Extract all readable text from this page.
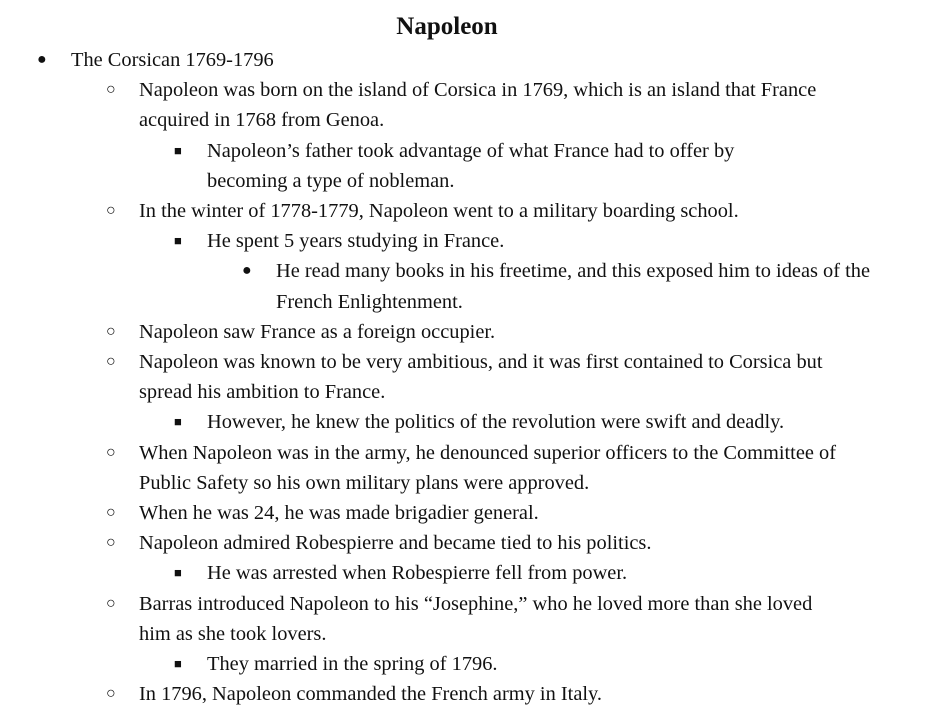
Napoleon
● The Corsican 1769-1796
○ Napoleon was born on the island of Corsica in 1769, which is an island that France acquired in 1768 from Genoa.
■ Napoleon’s father took advantage of what France had to offer by becoming a type of nobleman.
○ In the winter of 1778-1779, Napoleon went to a military boarding school.
■ He spent 5 years studying in France.
● He read many books in his freetime, and this exposed him to ideas of the French Enlightenment.
○ Napoleon saw France as a foreign occupier.
○ Napoleon was known to be very ambitious, and it was first contained to Corsica but spread his ambition to France.
■ However, he knew the politics of the revolution were swift and deadly.
○ When Napoleon was in the army, he denounced superior officers to the Committee of Public Safety so his own military plans were approved.
○ When he was 24, he was made brigadier general.
○ Napoleon admired Robespierre and became tied to his politics.
■ He was arrested when Robespierre fell from power.
○ Barras introduced Napoleon to his “Josephine,” who he loved more than she loved him as she took lovers.
■ They married in the spring of 1796.
○ In 1796, Napoleon commanded the French army in Italy.
